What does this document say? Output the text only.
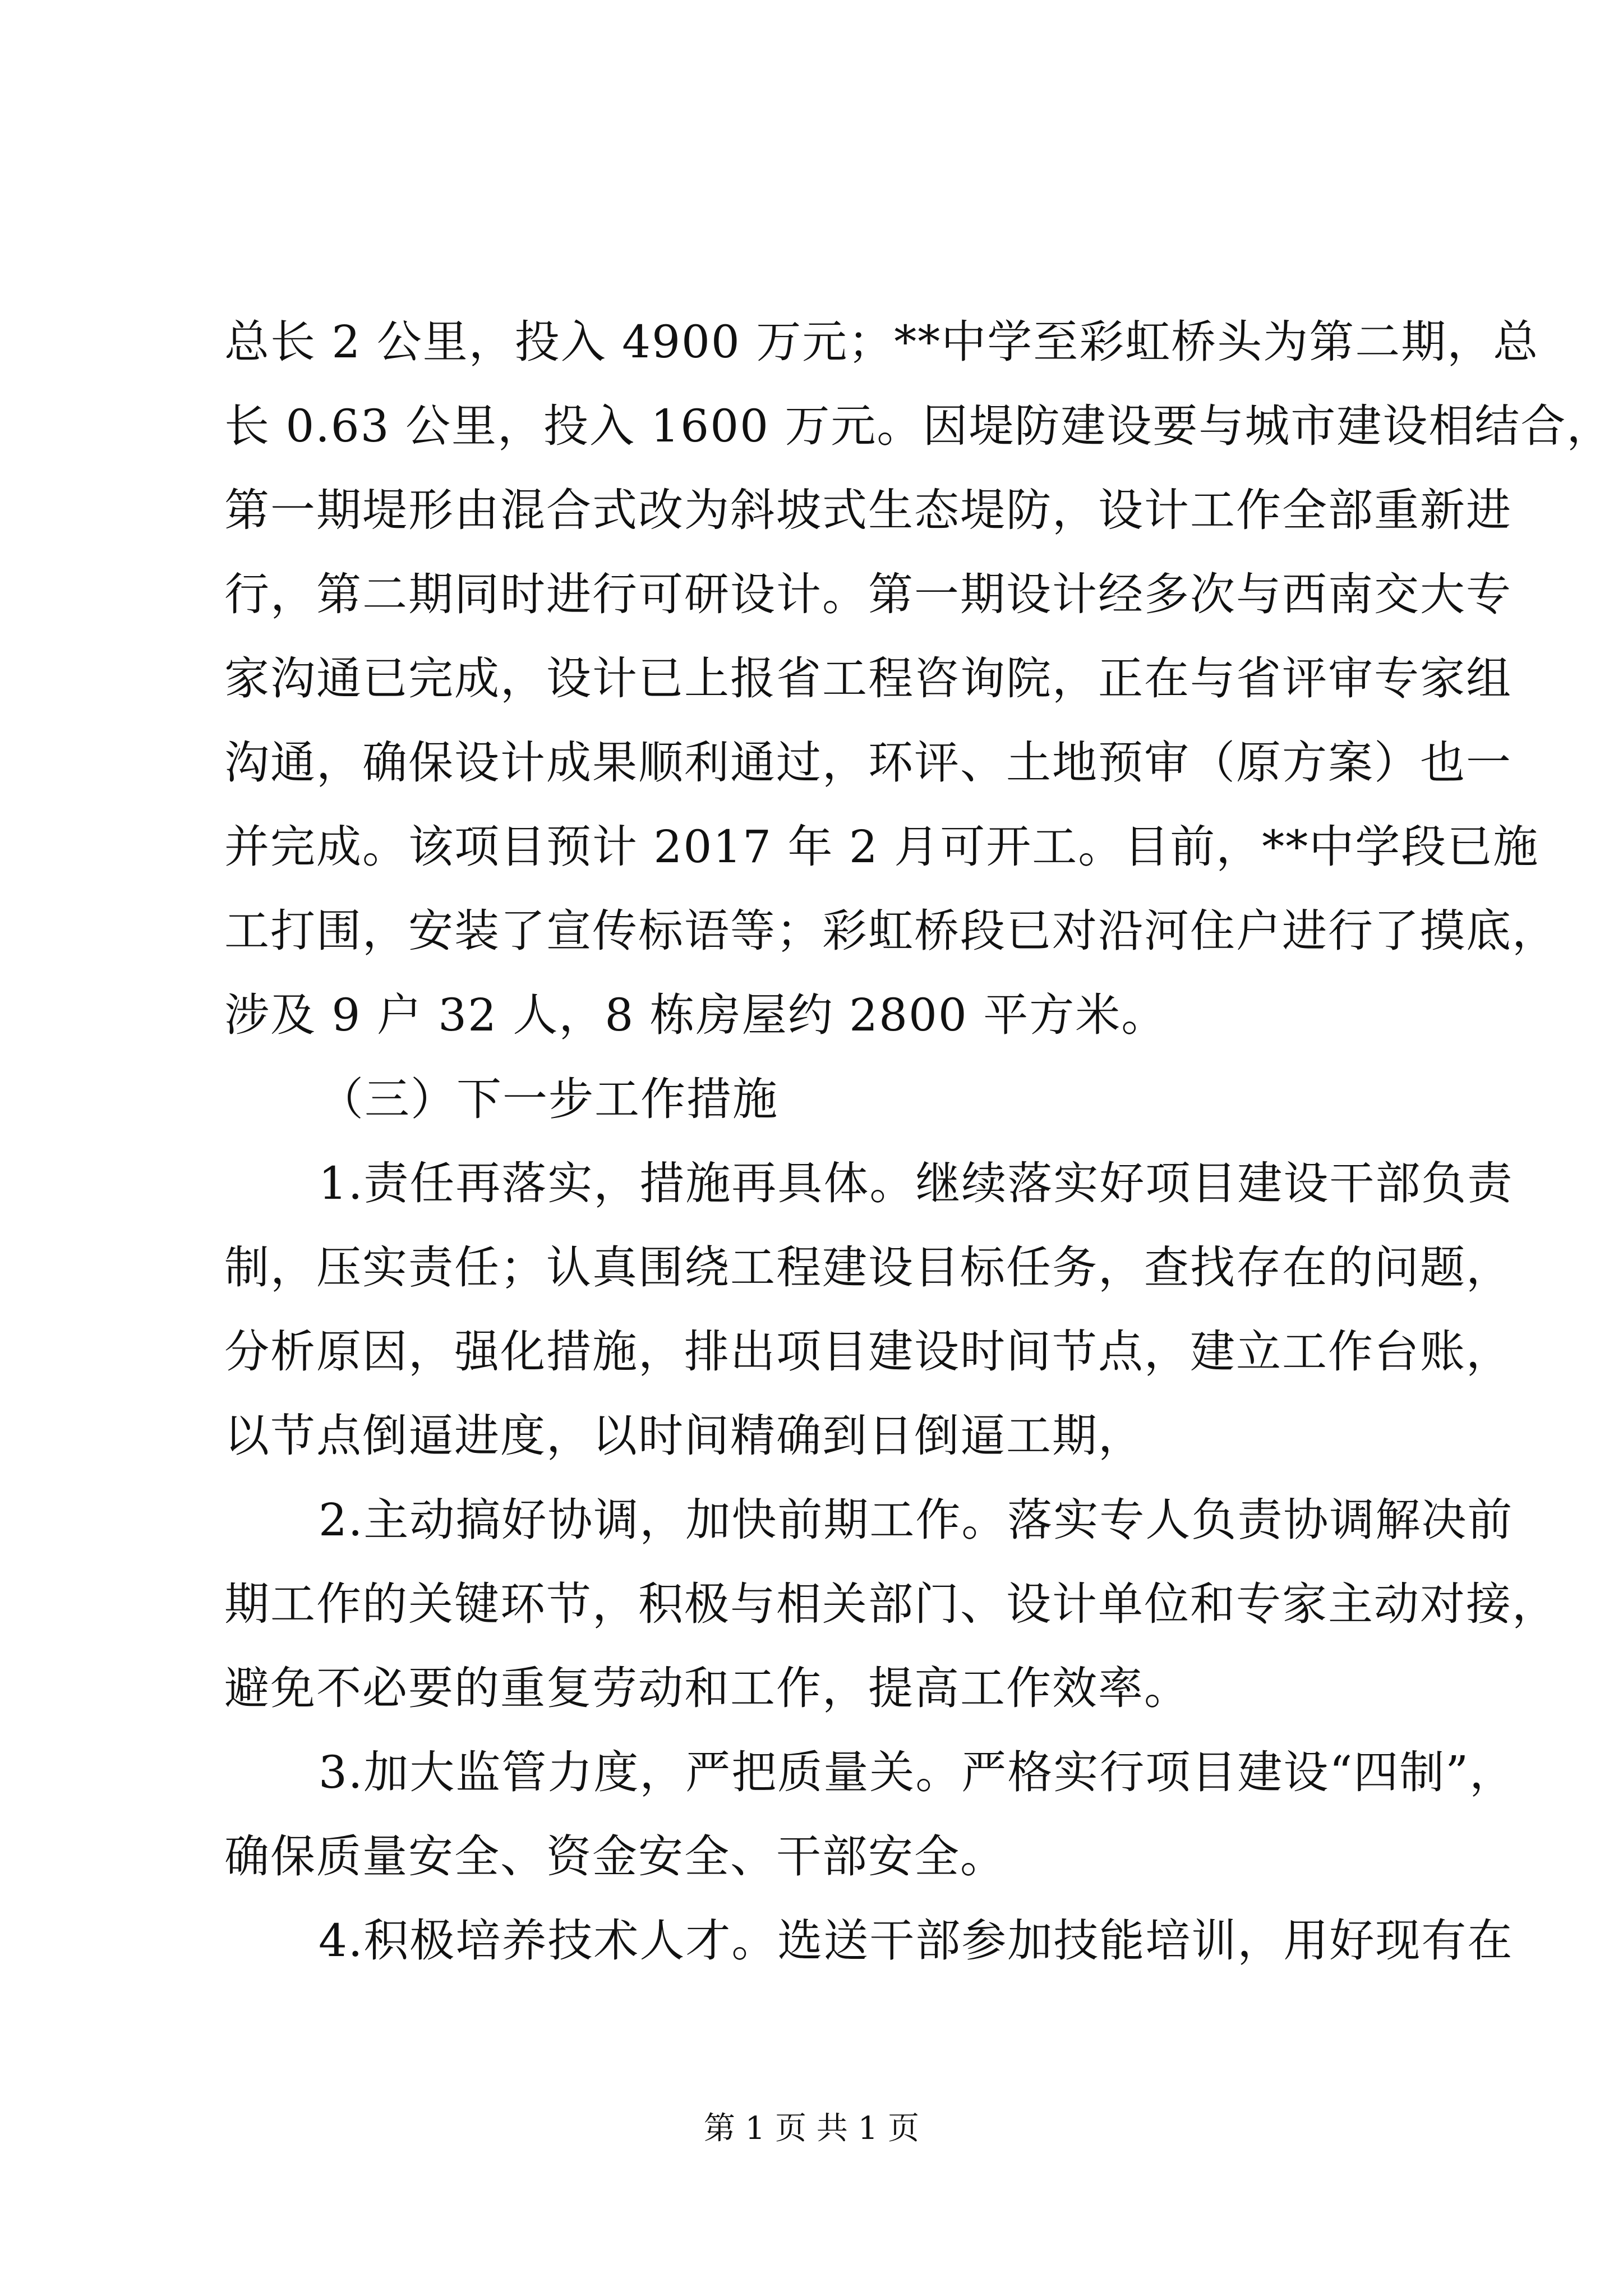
总长 2 公里，投入 4900 万元；**中学至彩虹桥头为第二期，总
长 0.63 公里，投入 1600 万元。因堤防建设要与城市建设相结合，
第一期堤形由混合式改为斜坡式生态堤防，设计工作全部重新进
行，第二期同时进行可研设计。第一期设计经多次与西南交大专
家沟通已完成，设计已上报省工程咨询院，正在与省评审专家组
沟通，确保设计成果顺利通过，环评、土地预审（原方案）也一
并完成。该项目预计 2017 年 2 月可开工。目前，**中学段已施
工打围，安装了宣传标语等；彩虹桥段已对沿河住户进行了摸底，
涉及 9 户 32 人，8 栋房屋约 2800 平方米。
（三）下一步工作措施
1.责任再落实，措施再具体。继续落实好项目建设干部负责
制，压实责任；认真围绕工程建设目标任务，查找存在的问题，
分析原因，强化措施，排出项目建设时间节点，建立工作台账，
以节点倒逼进度，以时间精确到日倒逼工期，
2.主动搞好协调，加快前期工作。落实专人负责协调解决前
期工作的关键环节，积极与相关部门、设计单位和专家主动对接，
避免不必要的重复劳动和工作，提高工作效率。
3.加大监管力度，严把质量关。严格实行项目建设“四制”，
确保质量安全、资金安全、干部安全。
4.积极培养技术人才。选送干部参加技能培训，用好现有在
第 1 页 共 1 页
